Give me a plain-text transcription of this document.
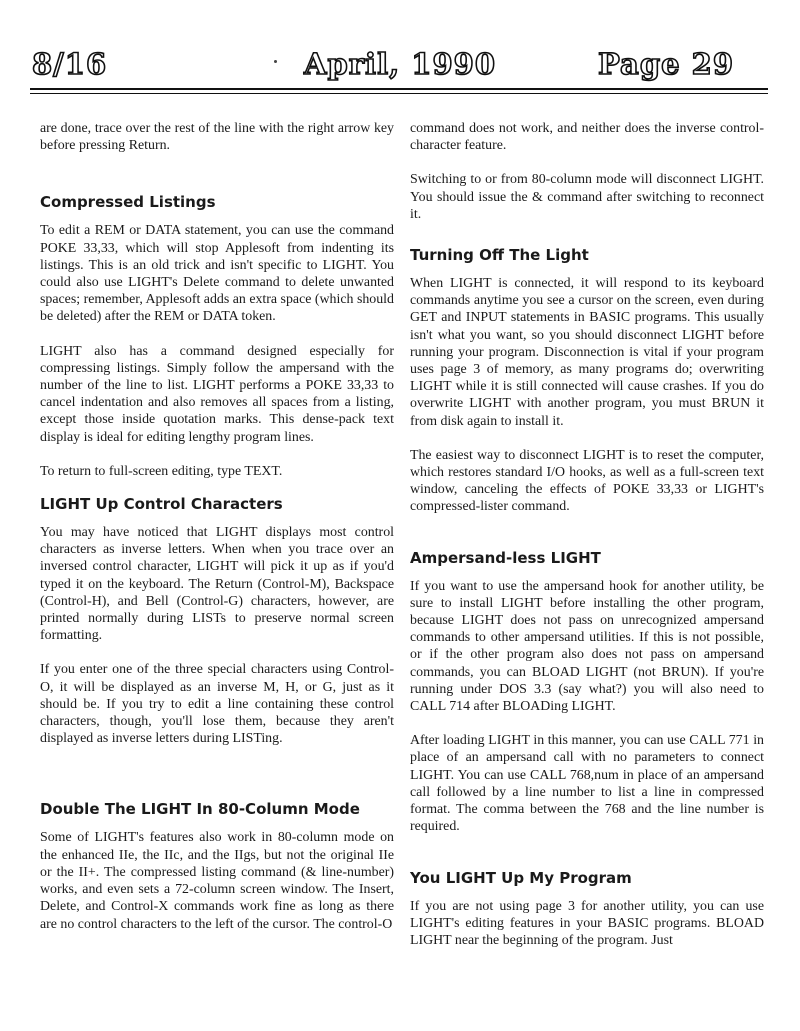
8/16	April, 1990	Page 29

are done, trace over the rest of the line with the right arrow key before pressing Return.

Compressed Listings

To edit a REM or DATA statement, you can use the command POKE 33,33, which will stop Applesoft from indenting its listings. This is an old trick and isn't specific to LIGHT. You could also use LIGHT's Delete command to delete unwanted spaces; remember, Applesoft adds an extra space (which should be deleted) after the REM or DATA token.

LIGHT also has a command designed especially for compressing listings. Simply follow the ampersand with the number of the line to list. LIGHT performs a POKE 33,33 to cancel indentation and also removes all spaces from a listing, except those inside quotation marks. This dense-pack text display is ideal for editing lengthy program lines.

To return to full-screen editing, type TEXT.

LIGHT Up Control Characters

You may have noticed that LIGHT displays most control characters as inverse letters. When when you trace over an inversed control character, LIGHT will pick it up as if you'd typed it on the keyboard. The Return (Control-M), Backspace (Control-H), and Bell (Control-G) characters, however, are printed normally during LISTs to preserve normal screen formatting.

If you enter one of the three special characters using Control-O, it will be displayed as an inverse M, H, or G, just as it should be. If you try to edit a line containing these control characters, though, you'll lose them, because they aren't displayed as inverse letters during LISTing.

Double The LIGHT In 80-Column Mode

Some of LIGHT's features also work in 80-column mode on the enhanced IIe, the IIc, and the IIgs, but not the original IIe or the II+. The compressed listing command (& line-number) works, and even sets a 72-column screen window. The Insert, Delete, and Control-X commands work fine as long as there are no control characters to the left of the cursor. The control-O

command does not work, and neither does the inverse control-character feature.

Switching to or from 80-column mode will disconnect LIGHT. You should issue the & command after switching to reconnect it.

Turning Off The Light

When LIGHT is connected, it will respond to its keyboard commands anytime you see a cursor on the screen, even during GET and INPUT statements in BASIC programs. This usually isn't what you want, so you should disconnect LIGHT before running your program. Disconnection is vital if your program uses page 3 of memory, as many programs do; overwriting LIGHT while it is still connected will cause crashes. If you do overwrite LIGHT with another program, you must BRUN it from disk again to install it.

The easiest way to disconnect LIGHT is to reset the computer, which restores standard I/O hooks, as well as a full-screen text window, canceling the effects of POKE 33,33 or LIGHT's compressed-lister command.

Ampersand-less LIGHT

If you want to use the ampersand hook for another utility, be sure to install LIGHT before installing the other program, because LIGHT does not pass on unrecognized ampersand commands to other ampersand utilities. If this is not possible, or if the other program also does not pass on ampersand commands, you can BLOAD LIGHT (not BRUN). If you're running under DOS 3.3 (say what?) you will also need to CALL 714 after BLOADing LIGHT.

After loading LIGHT in this manner, you can use CALL 771 in place of an ampersand call with no parameters to connect LIGHT. You can use CALL 768,num in place of an ampersand call followed by a line number to list a line in compressed format. The comma between the 768 and the line number is required.

You LIGHT Up My Program

If you are not using page 3 for another utility, you can use LIGHT's editing features in your BASIC programs. BLOAD LIGHT near the beginning of the program. Just
